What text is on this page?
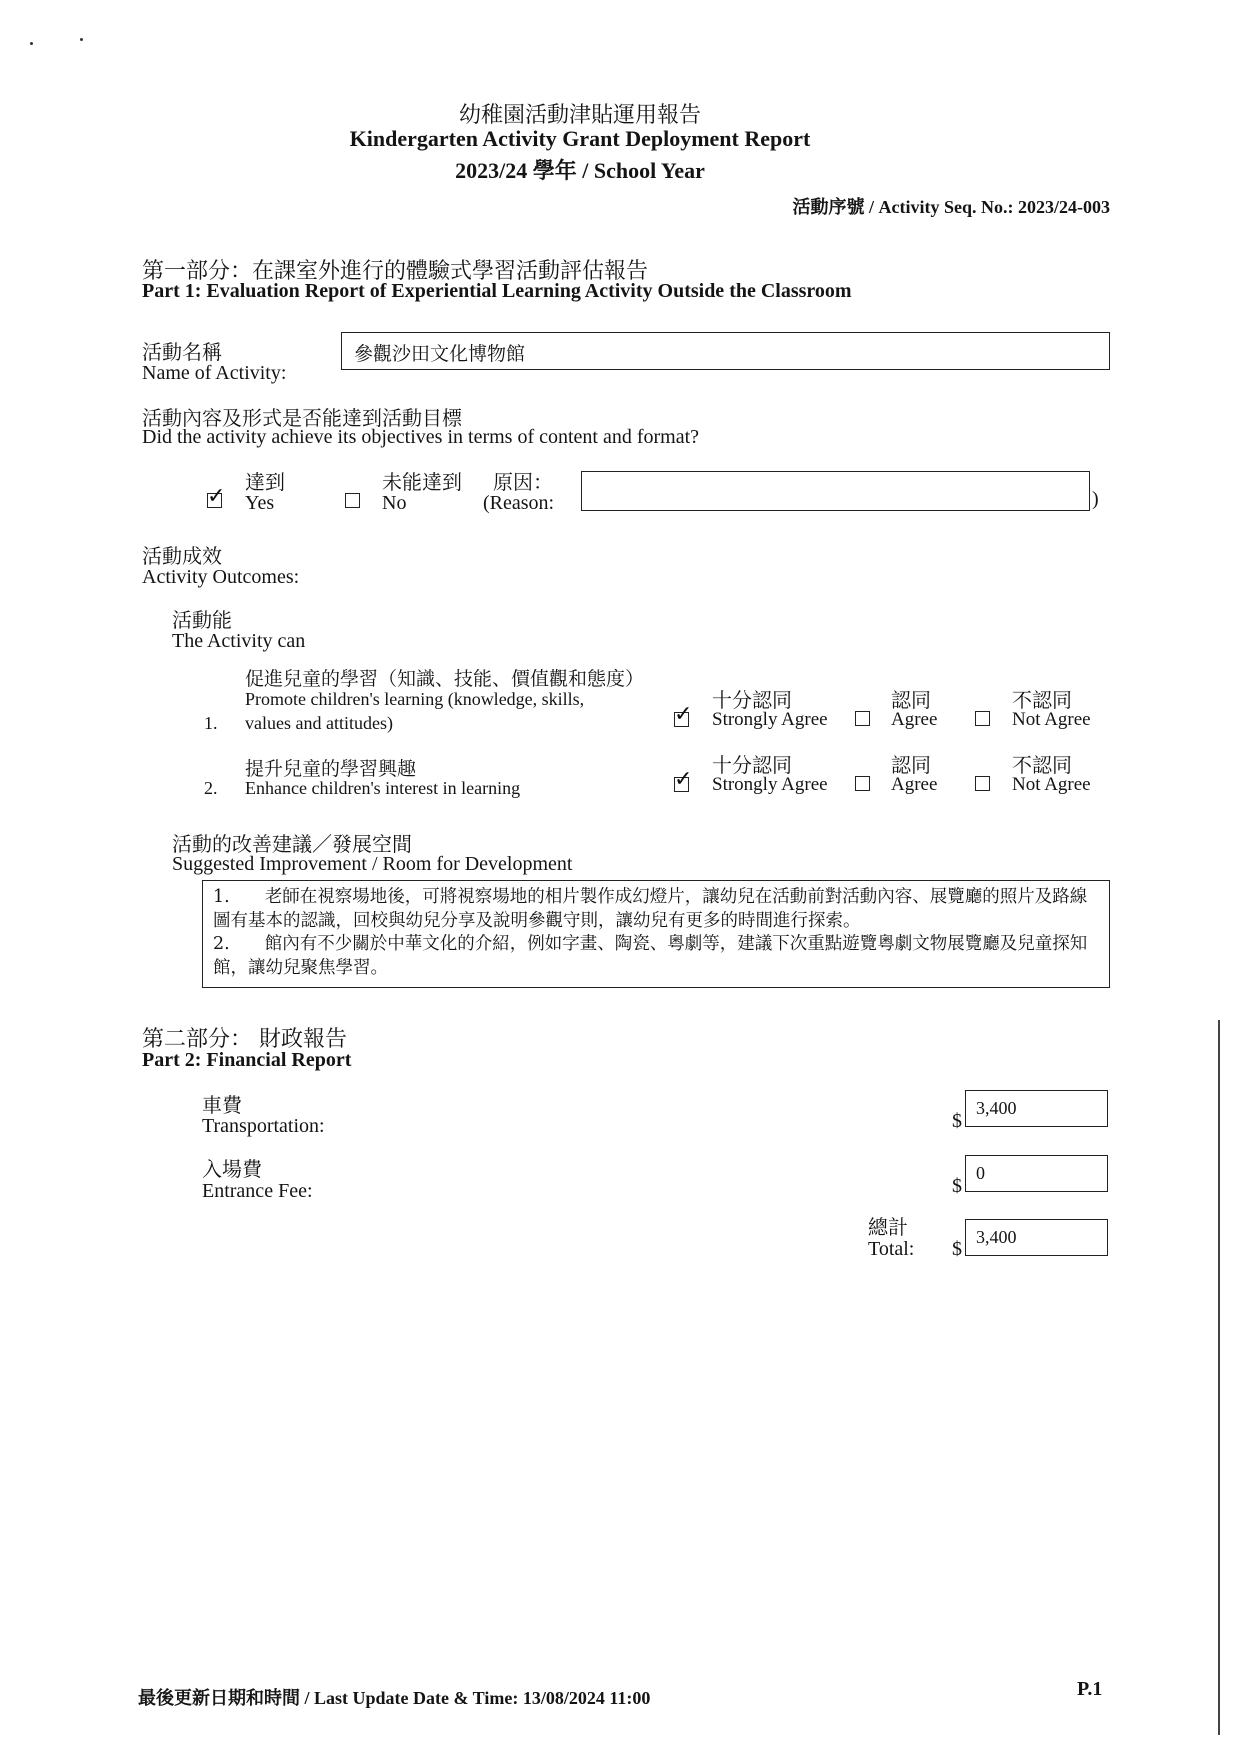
幼稚園活動津貼運用報告
Kindergarten Activity Grant Deployment Report
2023/24 學年 / School Year
活動序號 / Activity Seq. No.: 2023/24-003
第一部分：在課室外進行的體驗式學習活動評估報告
Part 1: Evaluation Report of Experiential Learning Activity Outside the Classroom
活動名稱
Name of Activity:
參觀沙田文化博物館
活動內容及形式是否能達到活動目標
Did the activity achieve its objectives in terms of content and format?
達到
✓ Yes
未能達到
No
原因：
(Reason:	)
活動成效
Activity Outcomes:
活動能
The Activity can
促進兒童的學習（知識、技能、價值觀和態度）
Promote children's learning (knowledge, skills,
1. values and attitudes)
十分認同
✓ Strongly Agree
認同
Agree
不認同
Not Agree
提升兒童的學習興趣
2. Enhance children's interest in learning
十分認同
✓ Strongly Agree
認同
Agree
不認同
Not Agree
活動的改善建議／發展空間
Suggested Improvement / Room for Development
1.　　老師在視察場地後，可將視察場地的相片製作成幻燈片，讓幼兒在活動前對活動內容、展覽廳的照片及路線圖有基本的認識，回校與幼兒分享及說明參觀守則，讓幼兒有更多的時間進行探索。
2.　　館內有不少關於中華文化的介紹，例如字畫、陶瓷、粵劇等，建議下次重點遊覽粵劇文物展覽廳及兒童探知館，讓幼兒聚焦學習。
第二部分： 財政報告
Part 2: Financial Report
車費
Transportation:	$
3,400
入場費
Entrance Fee:	$
0
總計
Total: $
3,400
最後更新日期和時間 / Last Update Date & Time: 13/08/2024 11:00	P.1
